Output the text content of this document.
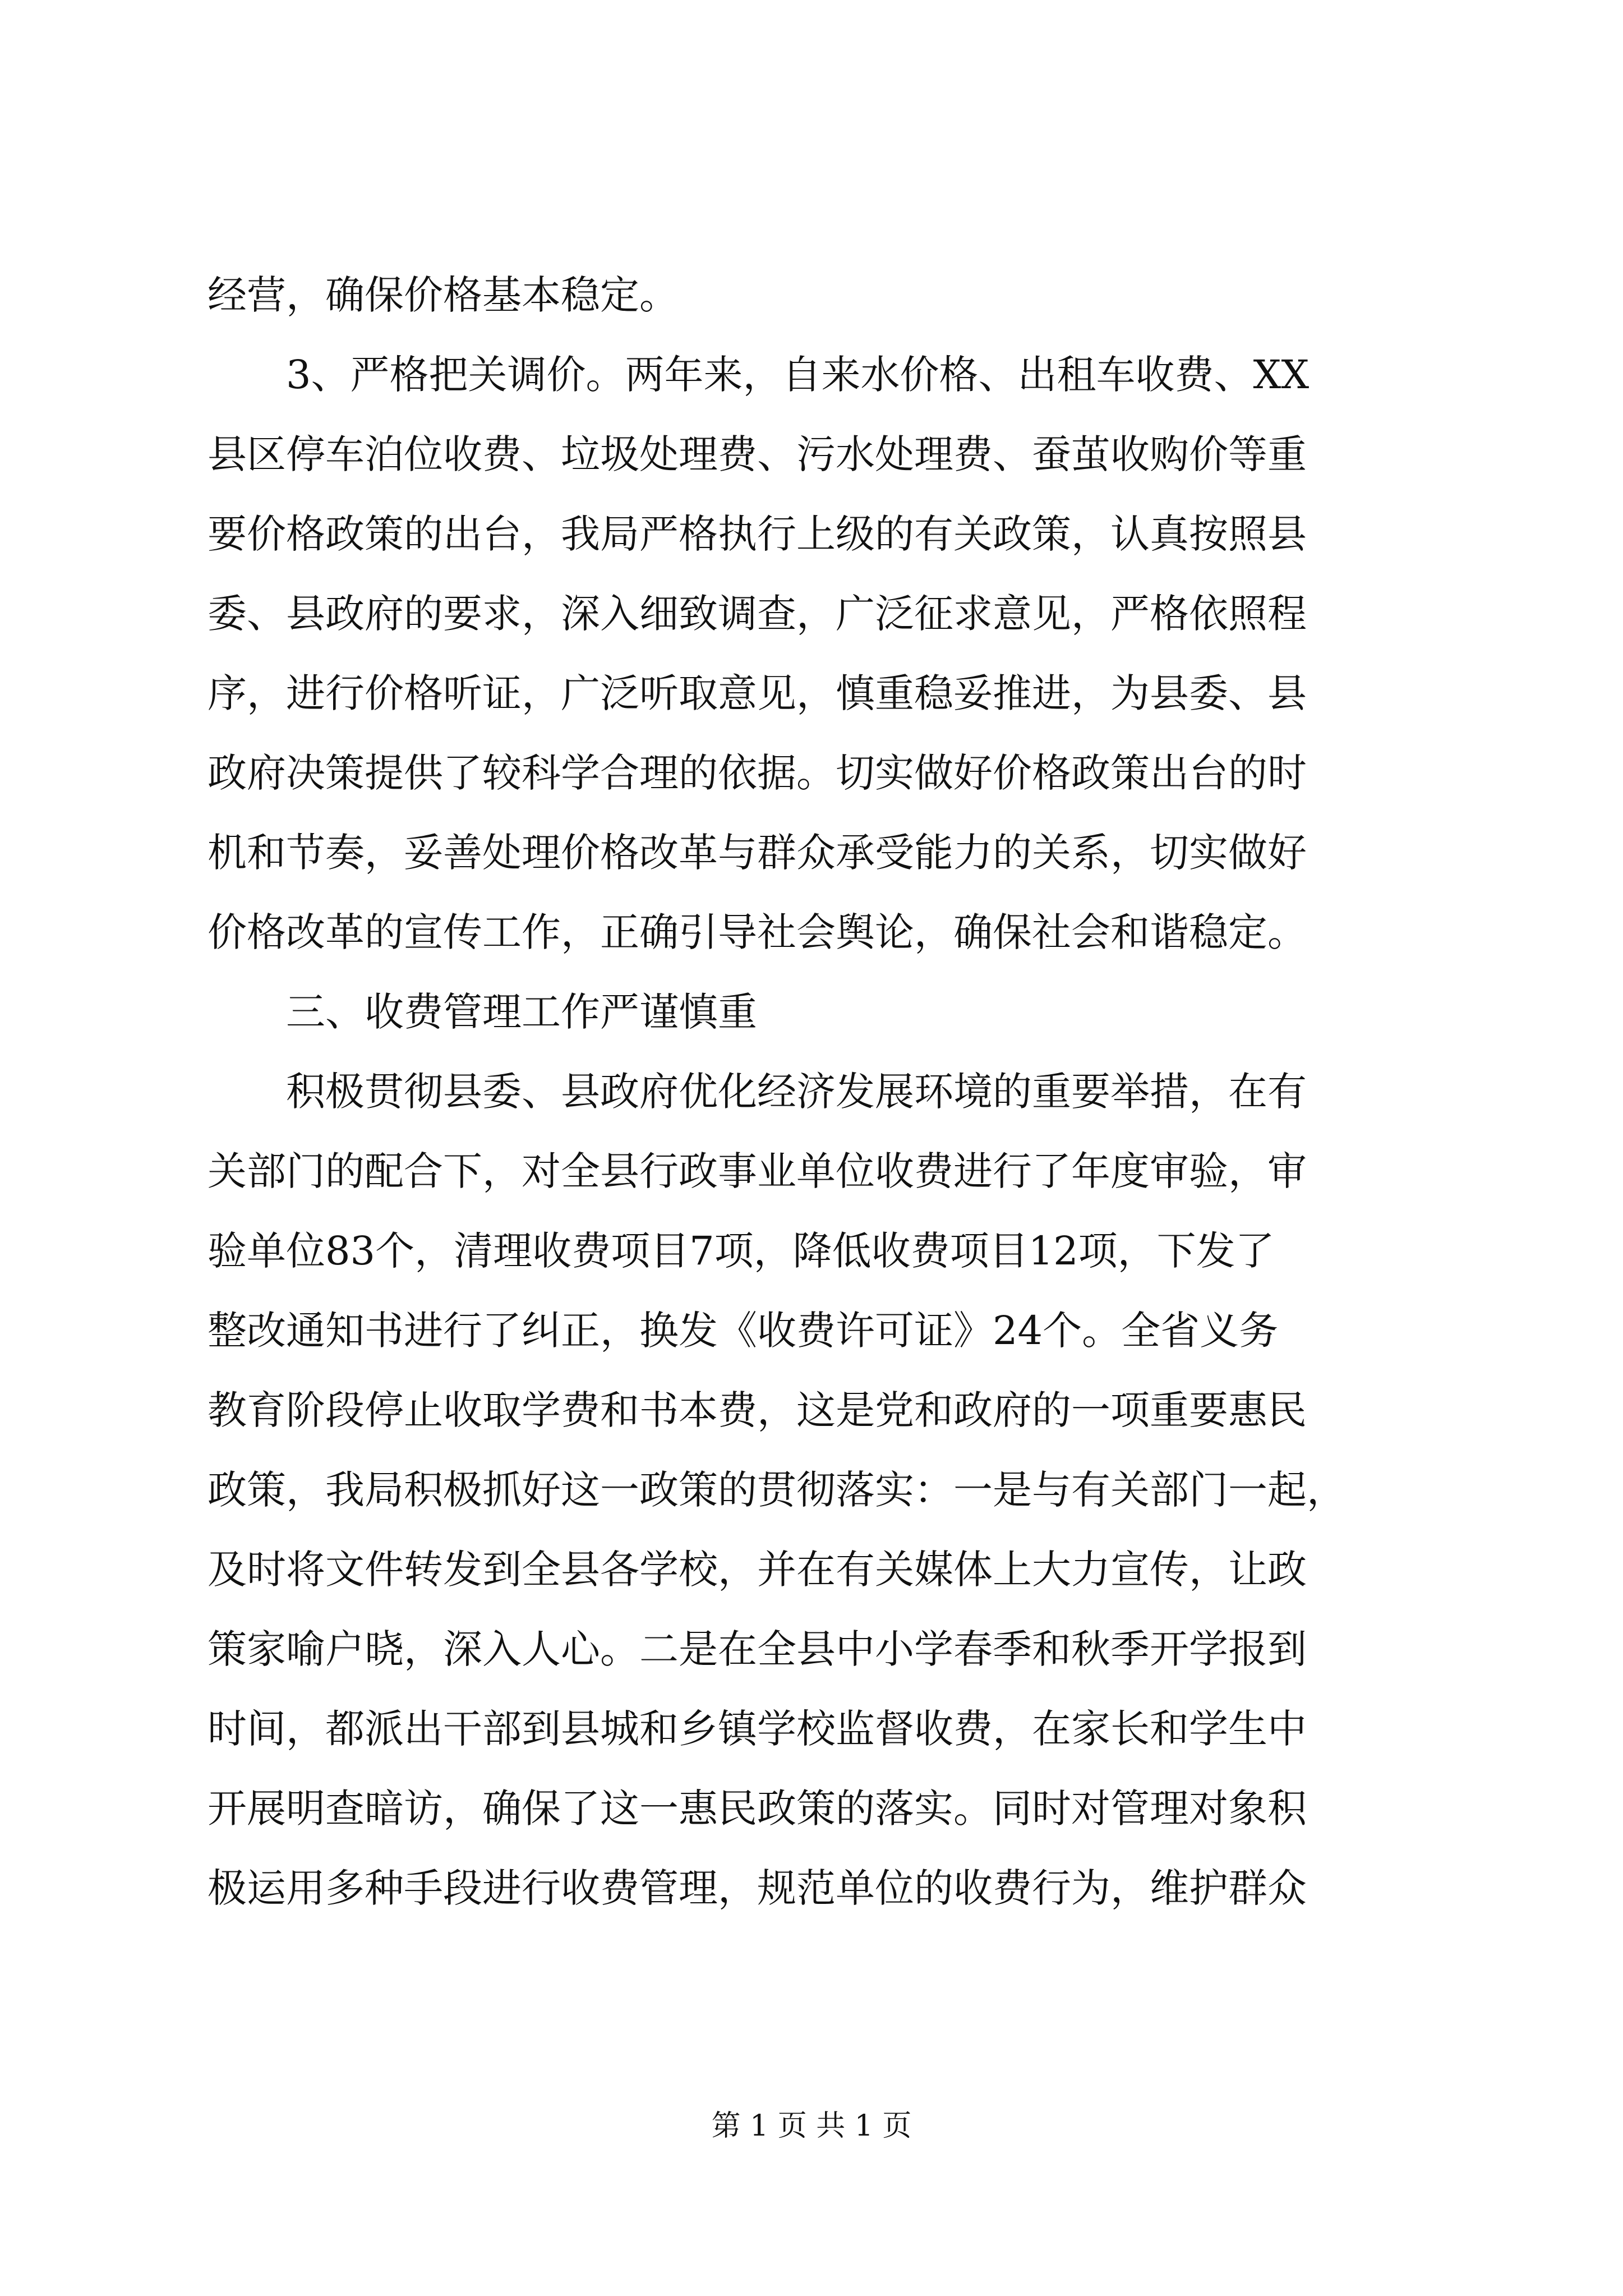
经营，确保价格基本稳定。
3、严格把关调价。两年来，自来水价格、出租车收费、XX
县区停车泊位收费、垃圾处理费、污水处理费、蚕茧收购价等重
要价格政策的出台，我局严格执行上级的有关政策，认真按照县
委、县政府的要求，深入细致调查，广泛征求意见，严格依照程
序，进行价格听证，广泛听取意见，慎重稳妥推进，为县委、县
政府决策提供了较科学合理的依据。切实做好价格政策出台的时
机和节奏，妥善处理价格改革与群众承受能力的关系，切实做好
价格改革的宣传工作，正确引导社会舆论，确保社会和谐稳定。
三、收费管理工作严谨慎重
积极贯彻县委、县政府优化经济发展环境的重要举措，在有
关部门的配合下，对全县行政事业单位收费进行了年度审验，审
验单位83个，清理收费项目7项，降低收费项目12项，下发了
整改通知书进行了纠正，换发《收费许可证》24个。全省义务
教育阶段停止收取学费和书本费，这是党和政府的一项重要惠民
政策，我局积极抓好这一政策的贯彻落实：一是与有关部门一起，
及时将文件转发到全县各学校，并在有关媒体上大力宣传，让政
策家喻户晓，深入人心。二是在全县中小学春季和秋季开学报到
时间，都派出干部到县城和乡镇学校监督收费，在家长和学生中
开展明查暗访，确保了这一惠民政策的落实。同时对管理对象积
极运用多种手段进行收费管理，规范单位的收费行为，维护群众
第 1 页 共 1 页
